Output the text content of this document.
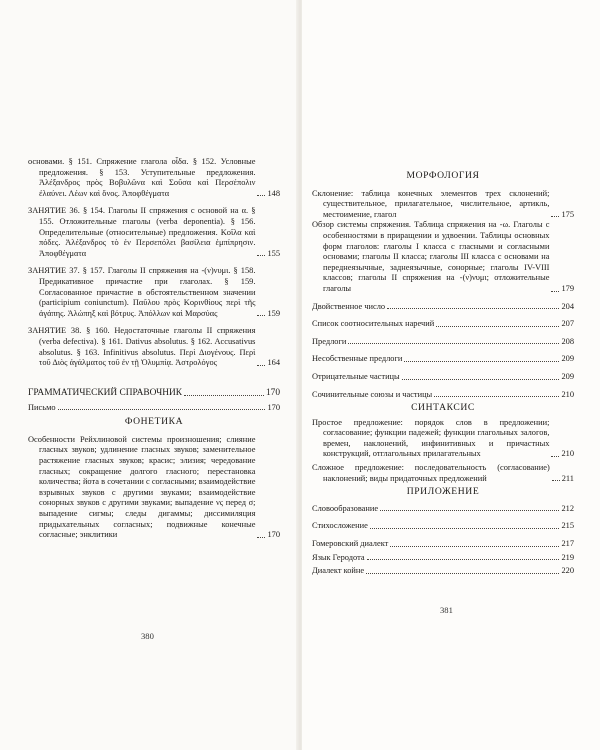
основами. § 151. Спряжение глагола οἶδα. § 152. Условные предложения. § 153. Уступительные предложения. Ἀλέξανδρος πρὸς Βοβυλῶνα καὶ Σοῦσα καὶ Περσέπολιν ἐλαύνει. Λέων καὶ ὄνος. Ἀποφθέγματα	148
ЗАНЯТИЕ 36. § 154. Глаголы II спряжения с основой на α. § 155. Отложительные глаголы (verba deponentia). § 156. Определительные (относительные) предложения. Κοῖλα καὶ πόδες. Ἀλέξανδρος τὸ ἐν Περσεπόλει βασίλεια ἐμπίπρησιν. Ἀποφθέγματα	155
ЗАНЯТИЕ 37. § 157. Глаголы II спряжения на -(ν)νυμι. § 158. Предикативное причастие при глаголах. § 159. Согласованное причастие в обстоятельственном значении (participium coniunctum). Παῦλου πρὸς Κορινθίους περὶ τῆς ἀγάπης. Ἀλώπηξ καὶ βότρυς. Ἀπόλλων καὶ Μαρσύας	159
ЗАНЯТИЕ 38. § 160. Недостаточные глаголы II спряжения (verba defectiva). § 161. Dativus absolutus. § 162. Accusativus absolutus. § 163. Infinitivus absolutus. Περὶ Διογένους. Περὶ τοῦ Διὸς ἀγάλματος τοῦ ἐν τῇ Ὀλυμπίᾳ. Ἀστρολόγος	164
ГРАММАТИЧЕСКИЙ СПРАВОЧНИК	170
Письмо	170
ФОНЕТИКА
Особенности Рейхлиновой системы произношения; слияние гласных звуков; удлинение гласных звуков; заменительное растяжение гласных звуков; красис; элизия; чередование гласных; сокращение долгого гласного; перестановка количества; йота в сочетании с согласными; взаимодействие взрывных звуков с другими звуками; взаимодействие сонорных звуков с другими звуками; выпадение νς перед σ; выпадение сигмы; следы дигаммы; диссимиляция придыхательных согласных; подвижные конечные согласные; энклитики	170
380
МОРФОЛОГИЯ
Склонение: таблица конечных элементов трех склонений; существительное, прилагательное, числительное, артикль, местоимение, глагол	175
Обзор системы спряжения. Таблица спряжения на -ω. Глаголы с особенностями в приращении и удвоении. Таблицы основных форм глаголов: глаголы I класса с гласными и согласными основами; глаголы II класса; глаголы III класса с основами на переднеязычные, заднеязычные, сонорные; глаголы IV-VIII классов; глаголы II спряжения на -(ν)νυμι; отложительные глаголы	179
Двойственное число	204
Список соотносительных наречий	207
Предлоги	208
Несобственные предлоги	209
Отрицательные частицы	209
Сочинительные союзы и частицы	210
СИНТАКСИС
Простое предложение: порядок слов в предложении; согласование; функции падежей; функции глагольных залогов, времен, наклонений, инфинитивных и причастных конструкций, отглагольных прилагательных	210
Сложное предложение: последовательность (согласование) наклонений; виды придаточных предложений	211
ПРИЛОЖЕНИЕ
Словообразование	212
Стихосложение	215
Гомеровский диалект	217
Язык Геродота	219
Диалект койне	220
381
